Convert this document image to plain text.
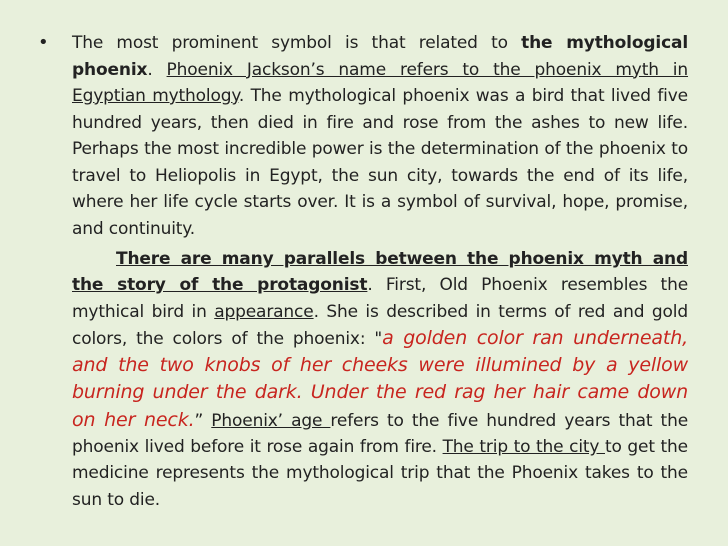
•	The most prominent symbol is that related to the mythological phoenix. Phoenix Jackson’s name refers to the phoenix myth in Egyptian mythology. The mythological phoenix was a bird that lived five hundred years, then died in fire and rose from the ashes to new life. Perhaps the most incredible power is the determination of the phoenix to travel to Heliopolis in Egypt, the sun city, towards the end of its life, where her life cycle starts over. It is a symbol of survival, hope, promise, and continuity.

There are many parallels between the phoenix myth and the story of the protagonist. First, Old Phoenix resembles the mythical bird in appearance. She is described in terms of red and gold colors, the colors of the phoenix: "a golden color ran underneath, and the two knobs of her cheeks were illumined by a yellow burning under the dark. Under the red rag her hair came down on her neck.” Phoenix’ age refers to the five hundred years that the phoenix lived before it rose again from fire. The trip to the city to get the medicine represents the mythological trip that the Phoenix takes to the sun to die.
